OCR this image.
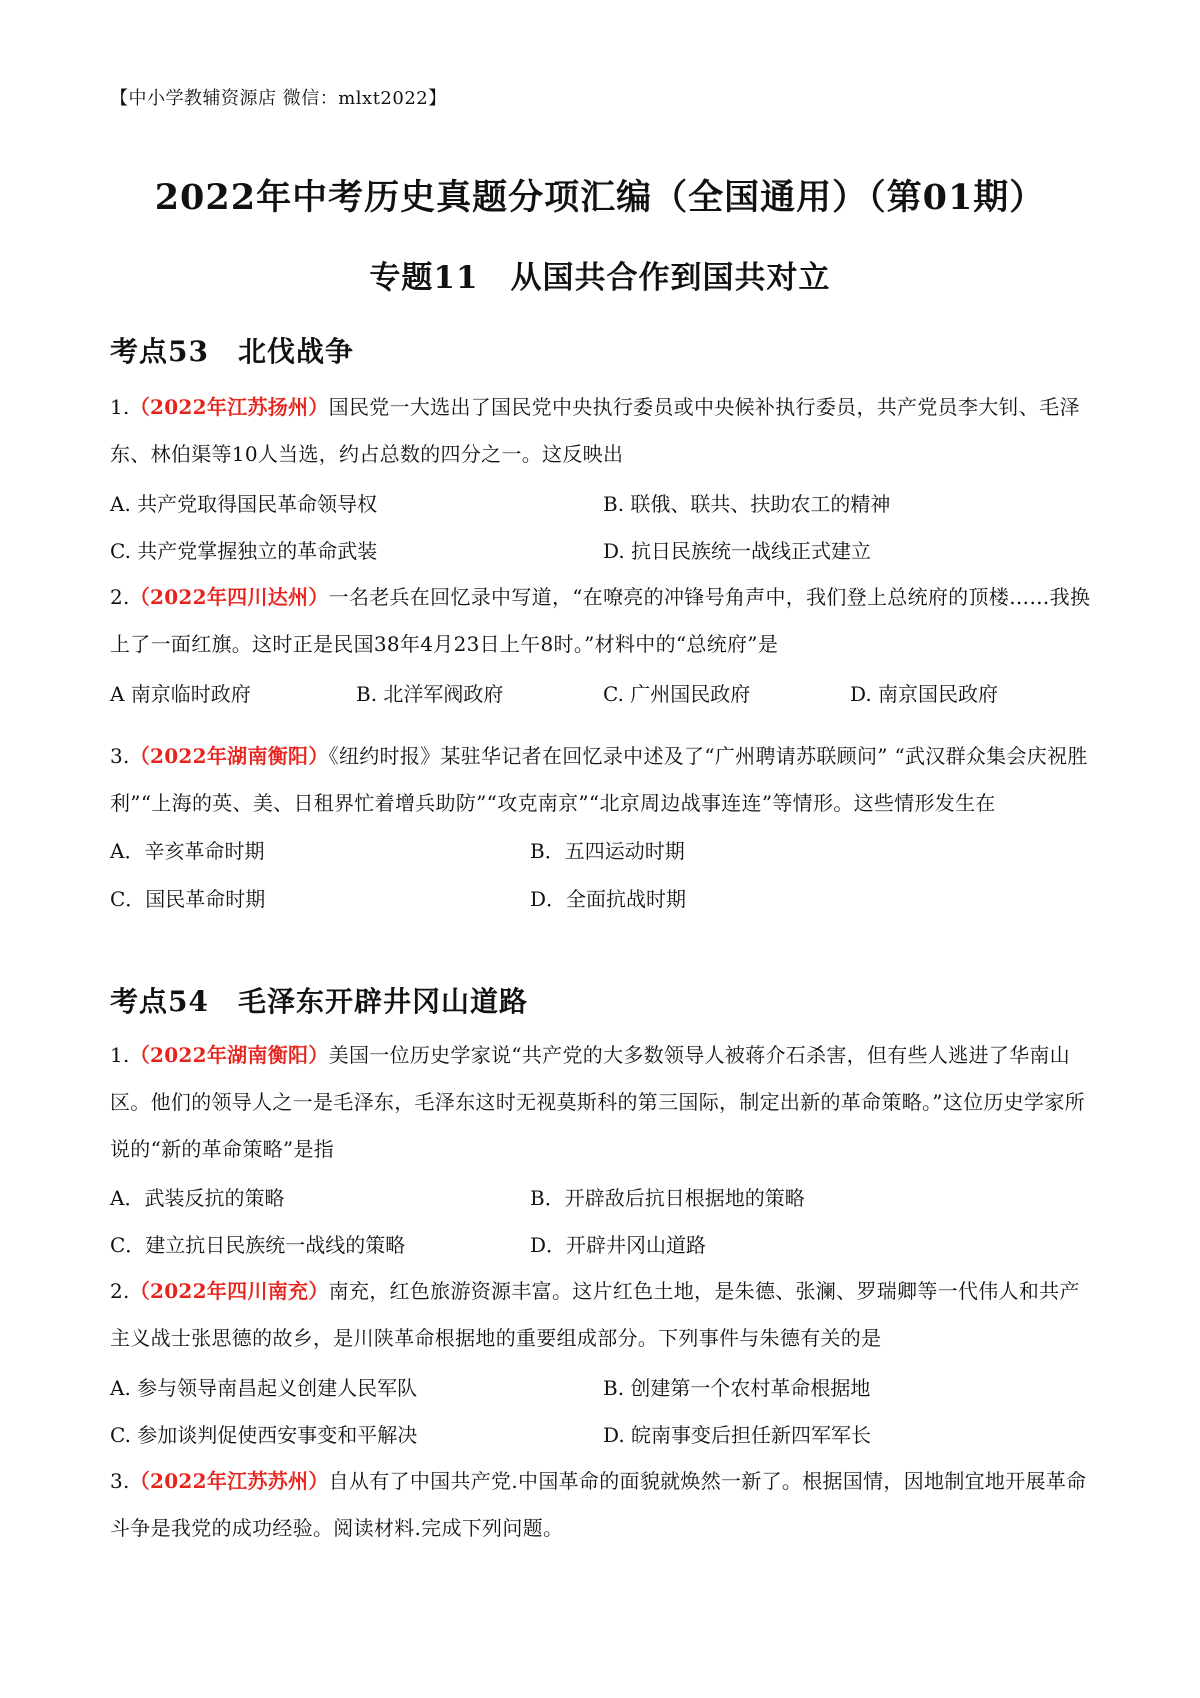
【中小学教辅资源店 微信：mlxt2022】
2022年中考历史真题分项汇编（全国通用）（第01期）
专题11　从国共合作到国共对立
考点53　北伐战争
1.（2022年江苏扬州）国民党一大选出了国民党中央执行委员或中央候补执行委员，共产党员李大钊、毛泽东、林伯渠等10人当选，约占总数的四分之一。这反映出
A. 共产党取得国民革命领导权	B. 联俄、联共、扶助农工的精神
C. 共产党掌握独立的革命武装	D. 抗日民族统一战线正式建立
2.（2022年四川达州）一名老兵在回忆录中写道，“在嘹亮的冲锋号角声中，我们登上总统府的顶楼……我换上了一面红旗。这时正是民国38年4月23日上午8时。”材料中的“总统府”是
A 南京临时政府	B. 北洋军阀政府	C. 广州国民政府	D. 南京国民政府
3.（2022年湖南衡阳）《纽约时报》某驻华记者在回忆录中述及了“广州聘请苏联顾问” “武汉群众集会庆祝胜利”“上海的英、美、日租界忙着增兵助防”“攻克南京”“北京周边战事连连”等情形。这些情形发生在
A．辛亥革命时期	B．五四运动时期
C．国民革命时期	D．全面抗战时期
考点54　毛泽东开辟井冈山道路
1.（2022年湖南衡阳）美国一位历史学家说“共产党的大多数领导人被蒋介石杀害，但有些人逃进了华南山区。他们的领导人之一是毛泽东，毛泽东这时无视莫斯科的第三国际，制定出新的革命策略。”这位历史学家所说的“新的革命策略”是指
A．武装反抗的策略	B．开辟敌后抗日根据地的策略
C．建立抗日民族统一战线的策略	D．开辟井冈山道路
2.（2022年四川南充）南充，红色旅游资源丰富。这片红色土地，是朱德、张澜、罗瑞卿等一代伟人和共产主义战士张思德的故乡，是川陕革命根据地的重要组成部分。下列事件与朱德有关的是
A. 参与领导南昌起义创建人民军队	B. 创建第一个农村革命根据地
C. 参加谈判促使西安事变和平解决	D. 皖南事变后担任新四军军长
3.（2022年江苏苏州）自从有了中国共产党.中国革命的面貌就焕然一新了。根据国情，因地制宜地开展革命斗争是我党的成功经验。阅读材料.完成下列问题。
